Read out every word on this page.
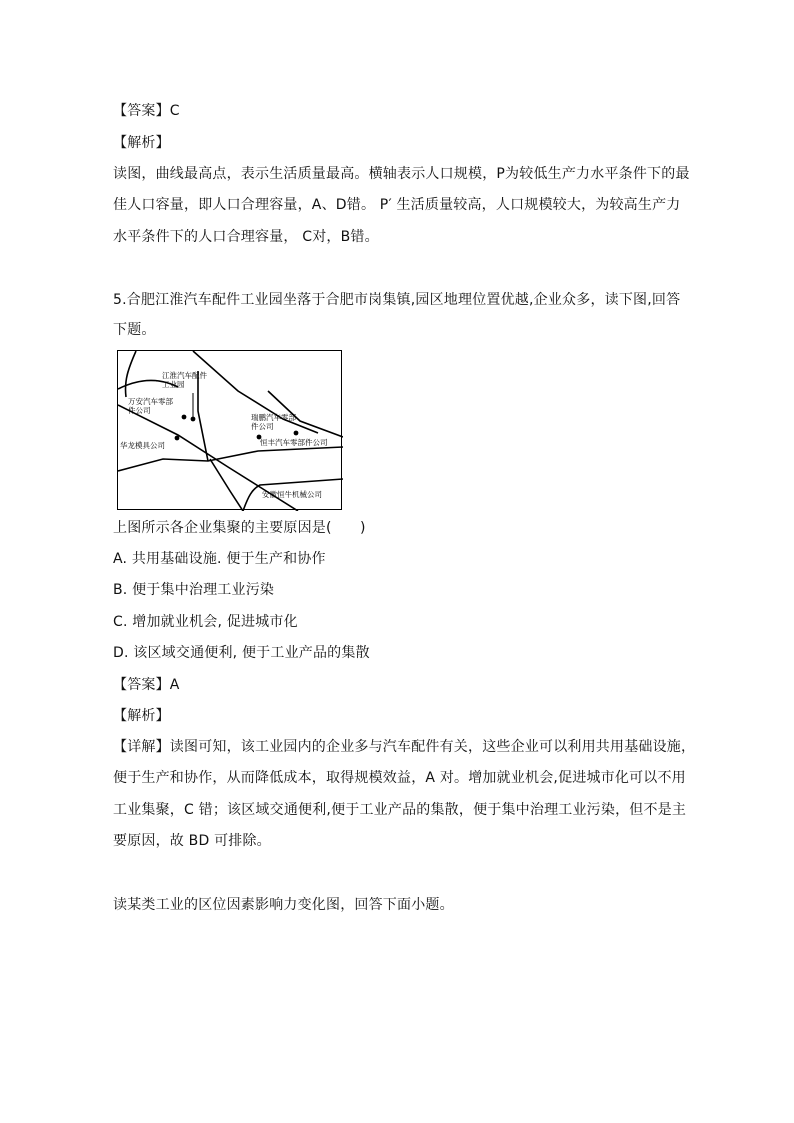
【答案】C
【解析】
读图，曲线最高点，表示生活质量最高。横轴表示人口规模，P为较低生产力水平条件下的最
佳人口容量，即人口合理容量，A、D错。 P′ 生活质量较高，人口规模较大，为较高生产力
水平条件下的人口合理容量， C对，B错。
5.合肥江淮汽车配件工业园坐落于合肥市岗集镇,园区地理位置优越,企业众多，读下图,回答
下题。
江淮汽车配件工业园
万安汽车零部件公司
瑞鹏汽车零部件公司
恒丰汽车零部件公司
华龙模具公司
安徽恒牛机械公司
上图所示各企业集聚的主要原因是(　　)
A. 共用基础设施. 便于生产和协作
B. 便于集中治理工业污染
C. 增加就业机会, 促进城市化
D. 该区域交通便利, 便于工业产品的集散
【答案】A
【解析】
【详解】读图可知，该工业园内的企业多与汽车配件有关，这些企业可以利用共用基础设施，
便于生产和协作，从而降低成本，取得规模效益，A 对。增加就业机会,促进城市化可以不用
工业集聚，C 错；该区域交通便利,便于工业产品的集散，便于集中治理工业污染，但不是主
要原因，故 BD 可排除。
读某类工业的区位因素影响力变化图，回答下面小题。
